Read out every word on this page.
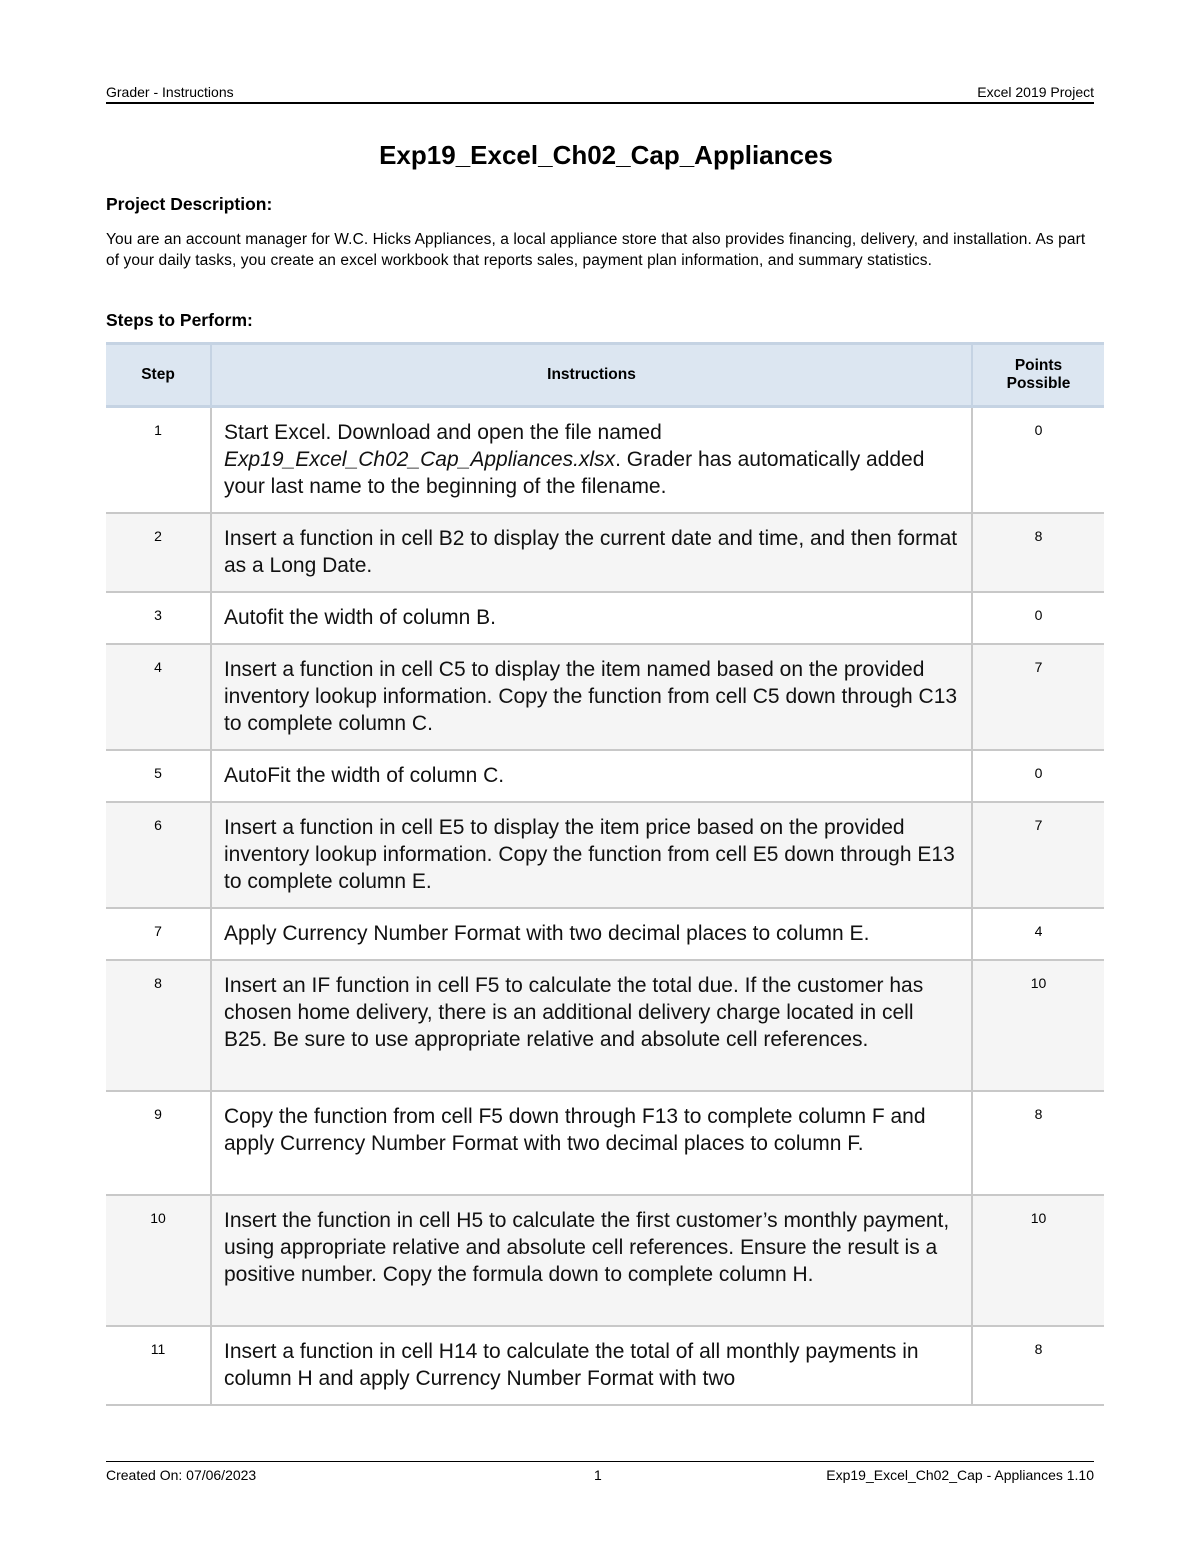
Grader - Instructions	Excel 2019 Project
Exp19_Excel_Ch02_Cap_Appliances
Project Description:
You are an account manager for W.C. Hicks Appliances, a local appliance store that also provides financing, delivery, and installation. As part of your daily tasks, you create an excel workbook that reports sales, payment plan information, and summary statistics.
Steps to Perform:
Step	Instructions	Points Possible
1	Start Excel. Download and open the file named Exp19_Excel_Ch02_Cap_Appliances.xlsx. Grader has automatically added your last name to the beginning of the filename.	0
2	Insert a function in cell B2 to display the current date and time, and then format as a Long Date.	8
3	Autofit the width of column B.	0
4	Insert a function in cell C5 to display the item named based on the provided inventory lookup information. Copy the function from cell C5 down through C13 to complete column C.	7
5	AutoFit the width of column C.	0
6	Insert a function in cell E5 to display the item price based on the provided inventory lookup information. Copy the function from cell E5 down through E13 to complete column E.	7
7	Apply Currency Number Format with two decimal places to column E.	4
8	Insert an IF function in cell F5 to calculate the total due. If the customer has chosen home delivery, there is an additional delivery charge located in cell B25. Be sure to use appropriate relative and absolute cell references.	10
9	Copy the function from cell F5 down through F13 to complete column F and apply Currency Number Format with two decimal places to column F.	8
10	Insert the function in cell H5 to calculate the first customer’s monthly payment, using appropriate relative and absolute cell references. Ensure the result is a positive number. Copy the formula down to complete column H.	10
11	Insert a function in cell H14 to calculate the total of all monthly payments in column H and apply Currency Number Format with two	8
Created On: 07/06/2023	1	Exp19_Excel_Ch02_Cap - Appliances 1.10
